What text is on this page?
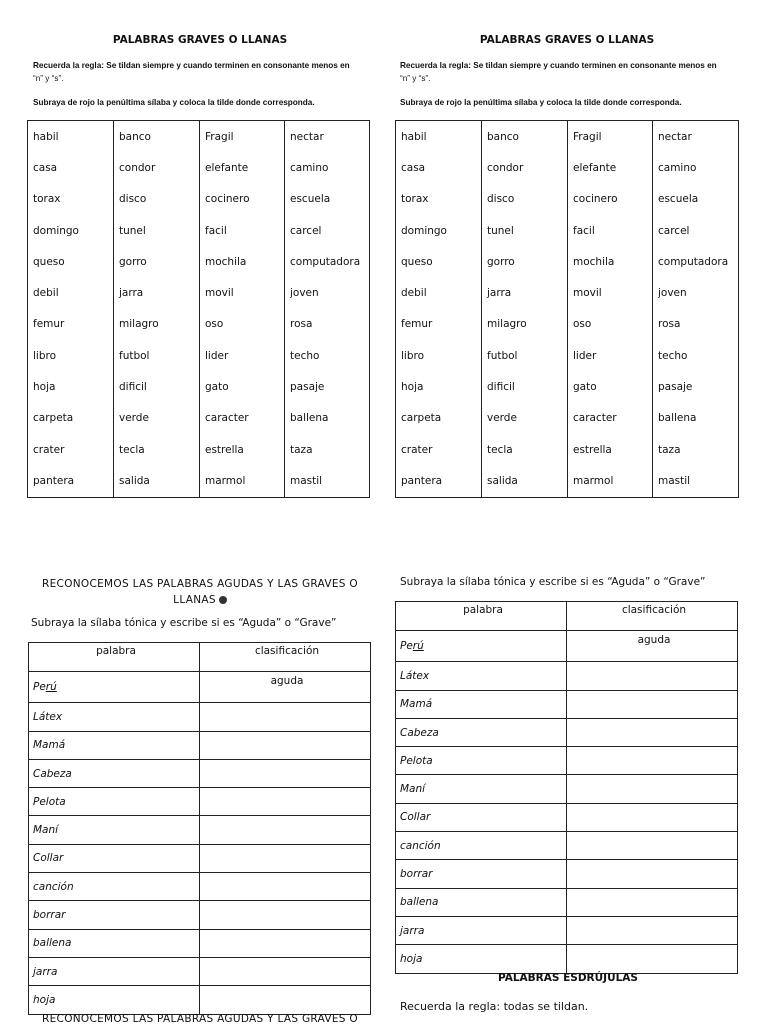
PALABRAS GRAVES O LLANAS
Recuerda la regla: Se tildan siempre y cuando terminen en consonante menos en
“n” y “s”.
Subraya de rojo la penúltima sílaba y coloca la tilde donde corresponda.
habil	banco	Fragil	nectar
casa	condor	elefante	camino
torax	disco	cocinero	escuela
domingo	tunel	facil	carcel
queso	gorro	mochila	computadora
debil	jarra	movil	joven
femur	milagro	oso	rosa
libro	futbol	lider	techo
hoja	dificil	gato	pasaje
carpeta	verde	caracter	ballena
crater	tecla	estrella	taza
pantera	salida	marmol	mastil
PALABRAS GRAVES O LLANAS
Recuerda la regla: Se tildan siempre y cuando terminen en consonante menos en
“n” y “s”.
Subraya de rojo la penúltima sílaba y coloca la tilde donde corresponda.
habil	banco	Fragil	nectar
casa	condor	elefante	camino
torax	disco	cocinero	escuela
domingo	tunel	facil	carcel
queso	gorro	mochila	computadora
debil	jarra	movil	joven
femur	milagro	oso	rosa
libro	futbol	lider	techo
hoja	dificil	gato	pasaje
carpeta	verde	caracter	ballena
crater	tecla	estrella	taza
pantera	salida	marmol	mastil
RECONOCEMOS LAS PALABRAS AGUDAS Y LAS GRAVES O
LLANAS
Subraya la sílaba tónica y escribe si es “Aguda” o “Grave”
palabra	clasificación
Perú	aguda
Látex	
Mamá	
Cabeza	
Pelota	
Maní	
Collar	
canción	
borrar	
ballena	
jarra	
hoja	
RECONOCEMOS LAS PALABRAS AGUDAS Y LAS GRAVES O
Subraya la sílaba tónica y escribe si es “Aguda” o “Grave”
palabra	clasificación
Perú	aguda
Látex	
Mamá	
Cabeza	
Pelota	
Maní	
Collar	
canción	
borrar	
ballena	
jarra	
hoja	
PALABRAS ESDRÚJULAS
Recuerda la regla: todas se tildan.
